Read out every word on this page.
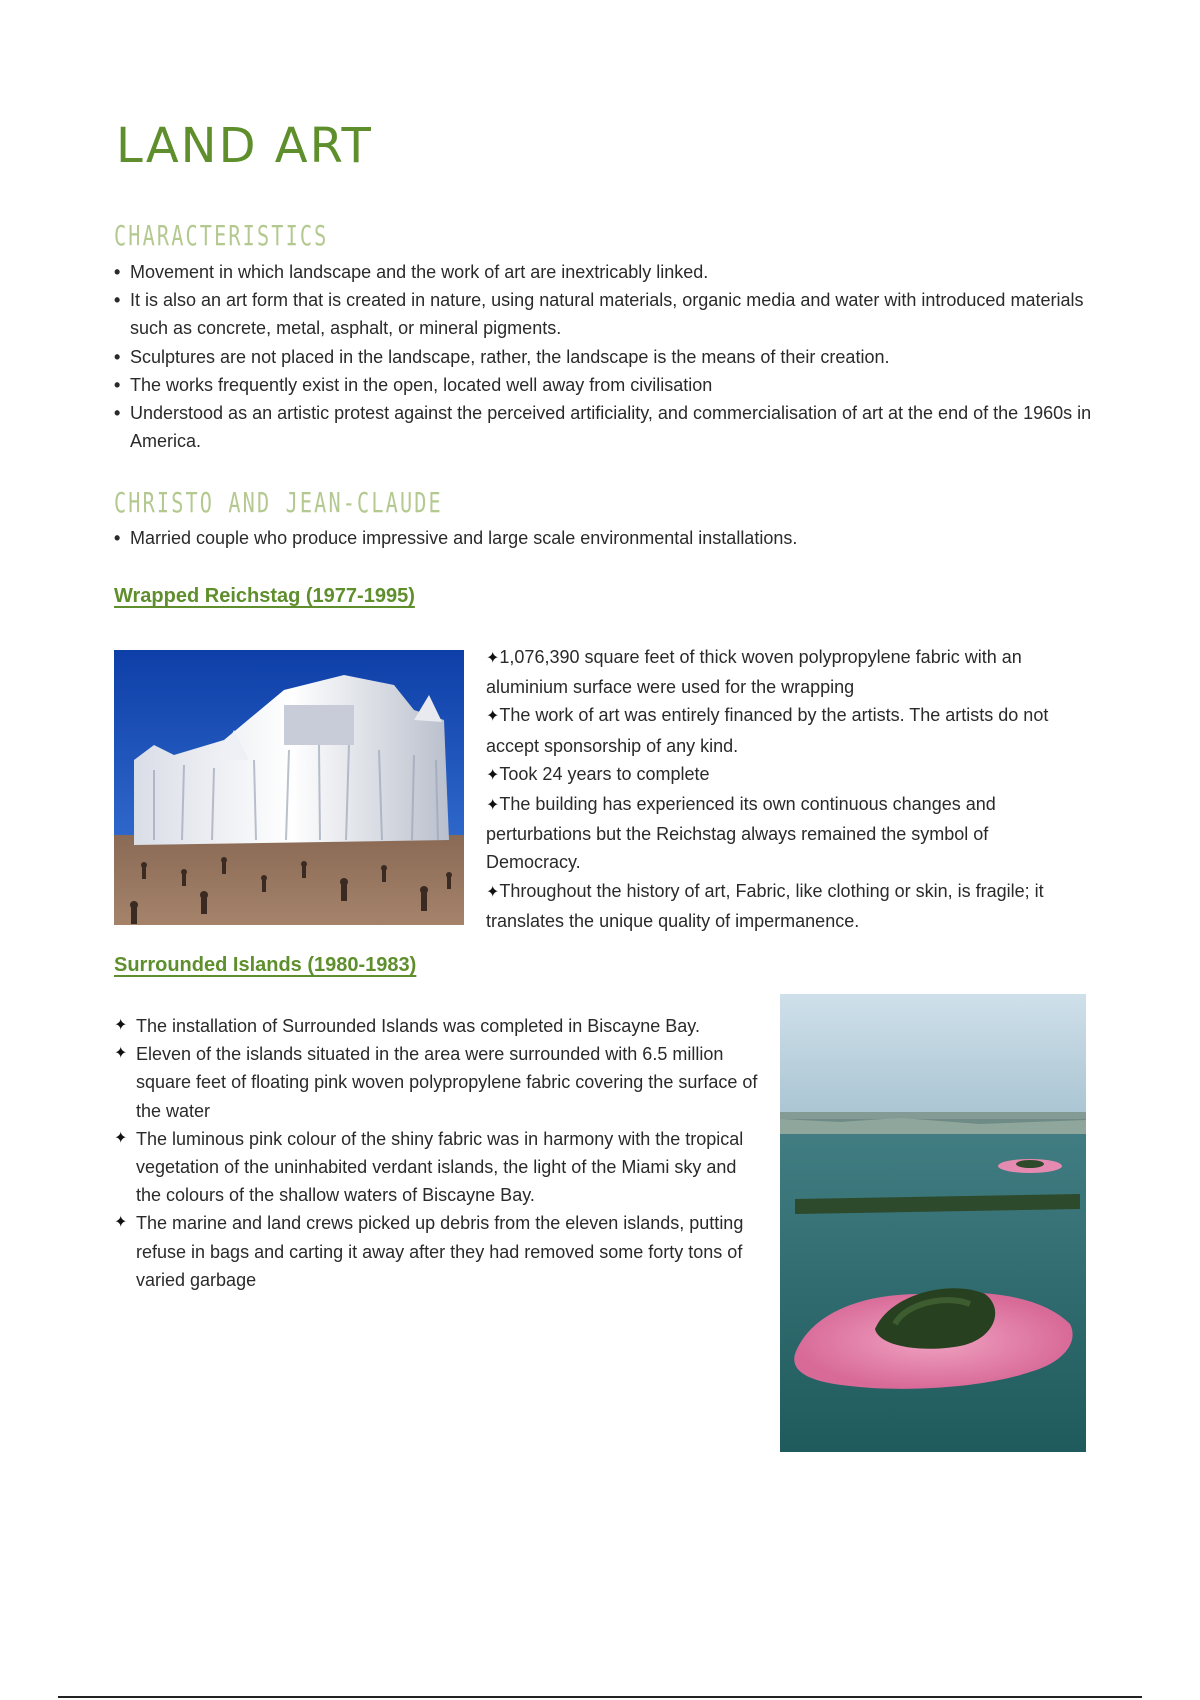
LAND ART
CHARACTERISTICS
• Movement in which landscape and the work of art are inextricably linked.
• It is also an art form that is created in nature, using natural materials, organic media and water with introduced materials such as concrete, metal, asphalt, or mineral pigments.
• Sculptures are not placed in the landscape, rather, the landscape is the means of their creation.
• The works frequently exist in the open, located well away from civilisation
• Understood as an artistic protest against the perceived artificiality, and commercialisation of art at the end of the 1960s in America.
CHRISTO AND JEAN-CLAUDE
• Married couple who produce impressive and large scale environmental installations.
Wrapped Reichstag (1977-1995)
✦1,076,390 square feet of thick woven polypropylene fabric with an aluminium surface were used for the wrapping
✦The work of art was entirely financed by the artists. The artists do not accept sponsorship of any kind.
✦Took 24 years to complete
✦The building has experienced its own continuous changes and perturbations but the Reichstag always remained the symbol of Democracy.
✦Throughout the history of art, Fabric, like clothing or skin, is fragile; it translates the unique quality of impermanence.
Surrounded Islands (1980-1983)
✦ The installation of Surrounded Islands was completed in Biscayne Bay.
✦ Eleven of the islands situated in the area were surrounded with 6.5 million square feet of floating pink woven polypropylene fabric covering the surface of the water
✦ The luminous pink colour of the shiny fabric was in harmony with the tropical vegetation of the uninhabited verdant islands, the light of the Miami sky and the colours of the shallow waters of Biscayne Bay.
✦ The marine and land crews picked up debris from the eleven islands, putting refuse in bags and carting it away after they had removed some forty tons of varied garbage
